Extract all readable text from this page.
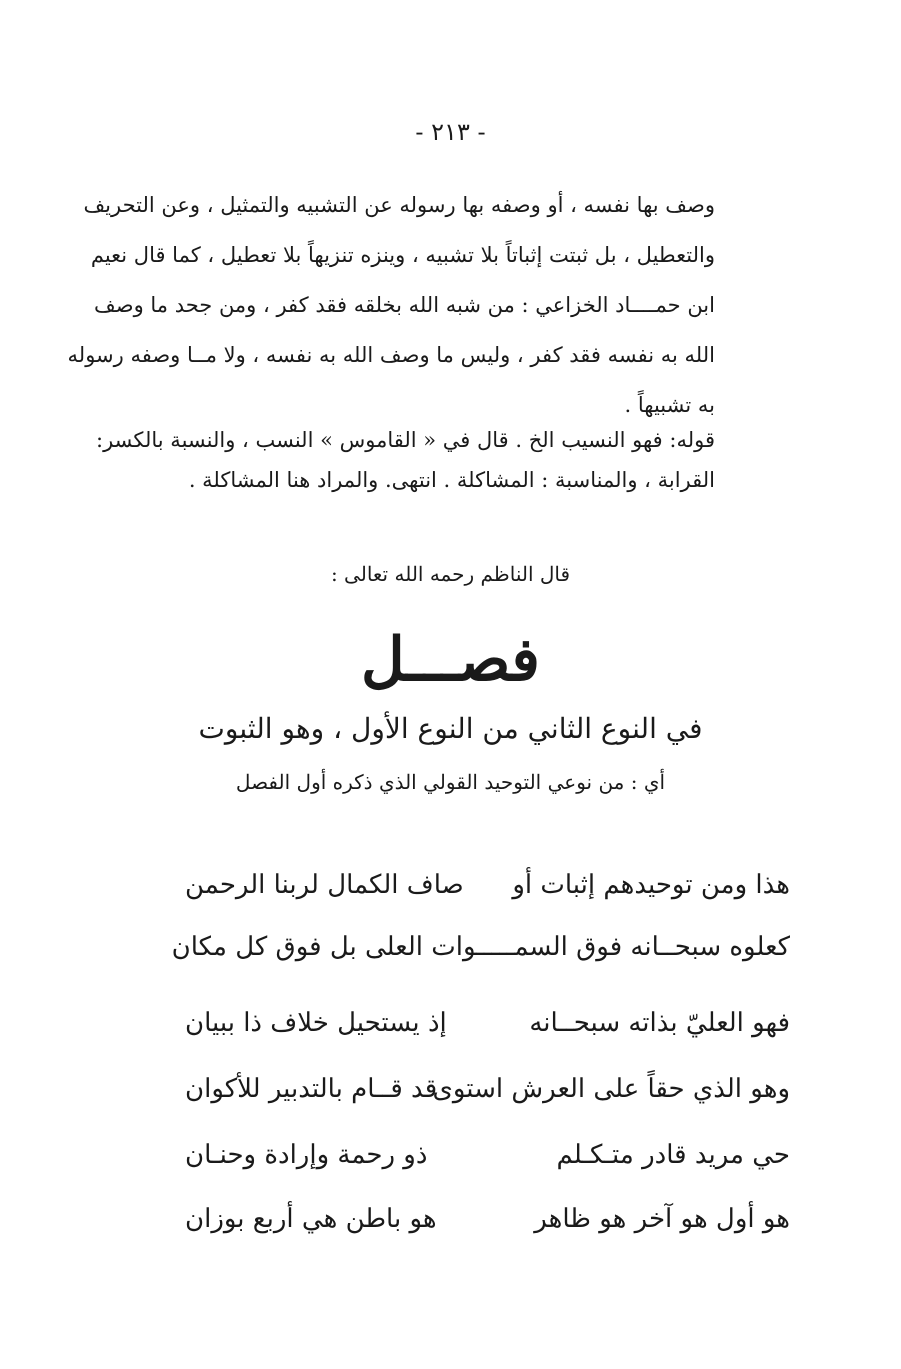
- ٢١٣ -
وصف بها نفسه ، أو وصفه بها رسوله عن التشبيه والتمثيل ، وعن التحريف
والتعطيل ، بل ثبتت إثباتاً بلا تشبيه ، وينزه تنزيهاً بلا تعطيل ، كما قال نعيم
ابن حمــــاد الخزاعي : من شبه الله بخلقه فقد كفر ، ومن جحد ما وصف
الله به نفسه فقد كفر ، وليس ما وصف الله به نفسه ، ولا مــا وصفه رسوله
به تشبيهاً .
قوله: فهو النسيب الخ . قال في « القاموس » النسب ، والنسبة بالكسر:
القرابة ، والمناسبة : المشاكلة . انتهى. والمراد هنا المشاكلة .
قال الناظم رحمه الله تعالى :
فصـــل
في النوع الثاني من النوع الأول ، وهو الثبوت
أي : من نوعي التوحيد القولي الذي ذكره أول الفصل
هذا ومن توحيدهم إثبات أو
صاف الكمال لربنا الرحمن
كعلوه سبحــانه فوق السمـــــوات العلى بل فوق كل مكان
فهو العليّ بذاته سبحــانه
إذ يستحيل خلاف ذا ببيان
وهو الذي حقاً على العرش استوى
قد قــام بالتدبير للأكوان
حي مريد قادر متـكـلم
ذو رحمة وإرادة وحنـان
هو أول هو آخر هو ظاهر
هو باطن هي أربع بوزان
